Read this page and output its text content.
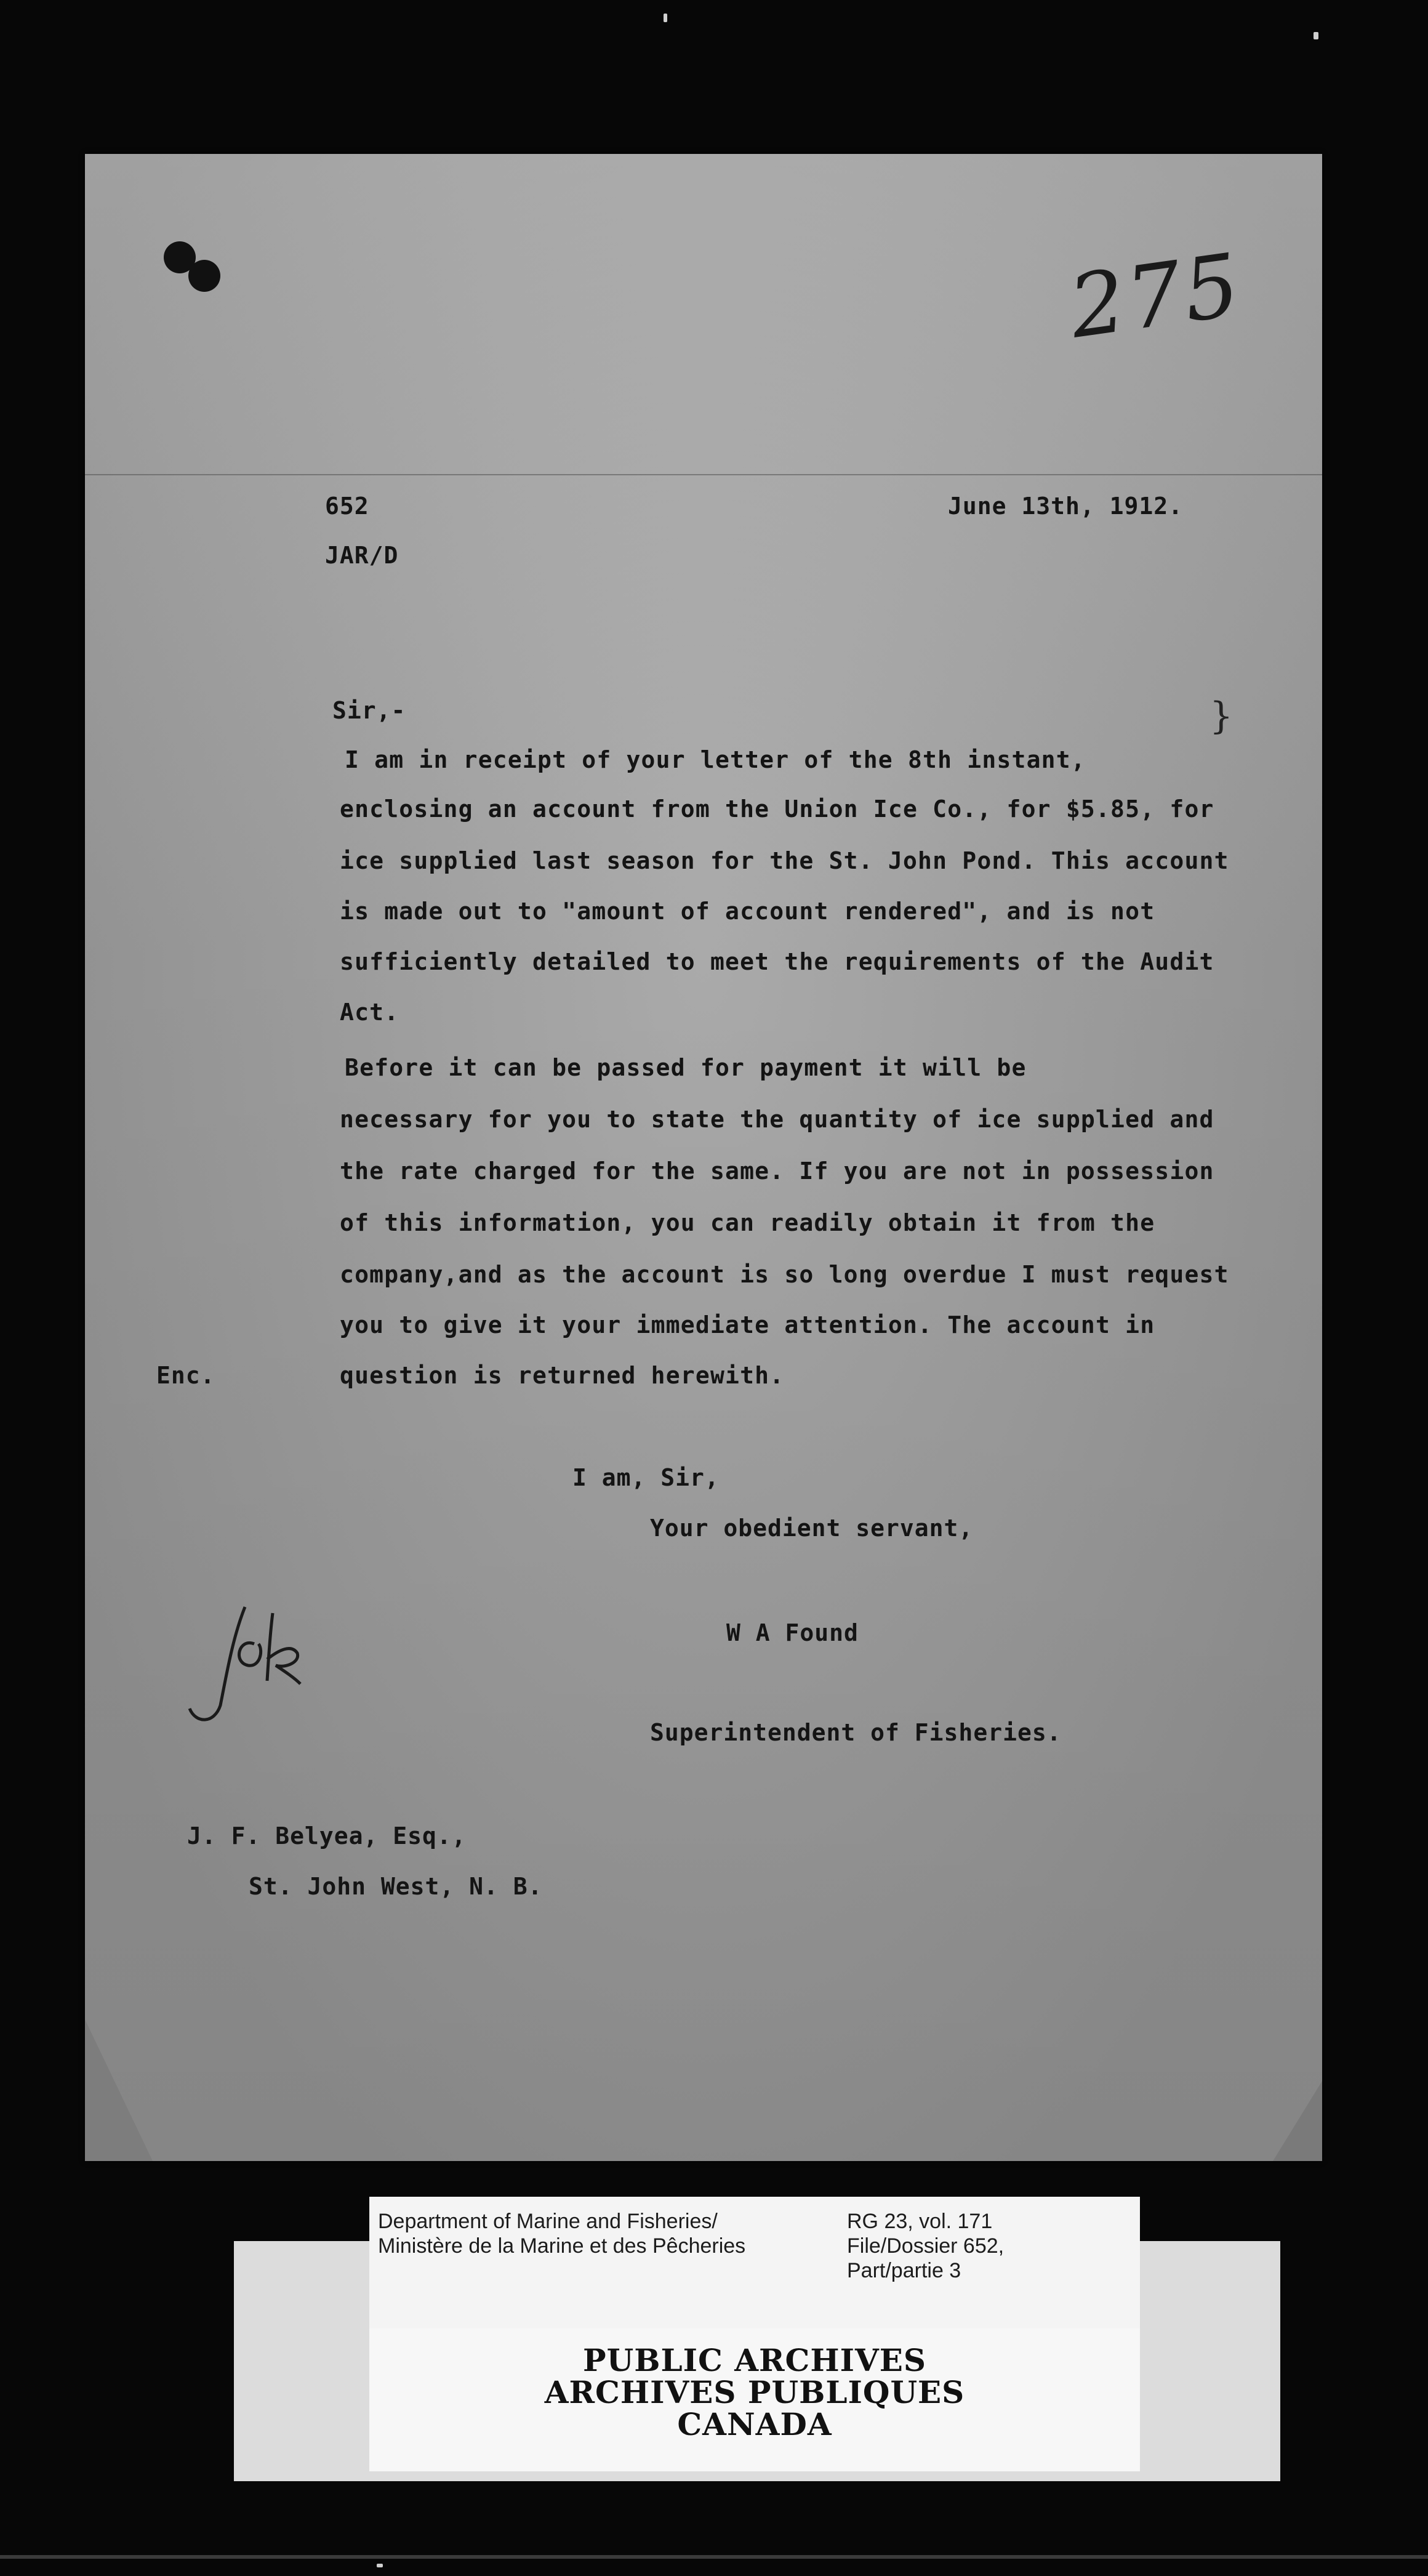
275
652
JAR/D
June 13th, 1912.
Sir,-
I am in receipt of your letter of the 8th instant,
enclosing an account from the Union Ice Co., for $5.85, for
ice supplied last season for the St. John Pond. This account
is made out to "amount of account rendered", and is not
sufficiently detailed to meet the requirements of the Audit
Act.
Before it can be passed for payment it will be
necessary for you to state the quantity of ice supplied and
the rate charged for the same. If you are not in possession
of this information, you can readily obtain it from the
company,and as the account is so long overdue I must request
you to give it your immediate attention. The account in
question is returned herewith.
}
Enc.
I am, Sir,
Your obedient servant,
W A Found
Superintendent of Fisheries.
J. F. Belyea, Esq.,
St. John West, N. B.
Department of Marine and Fisheries/
Ministère de la Marine et des Pêcheries
RG 23, vol. 171
File/Dossier 652,
Part/partie 3
PUBLIC ARCHIVES
ARCHIVES PUBLIQUES
CANADA
